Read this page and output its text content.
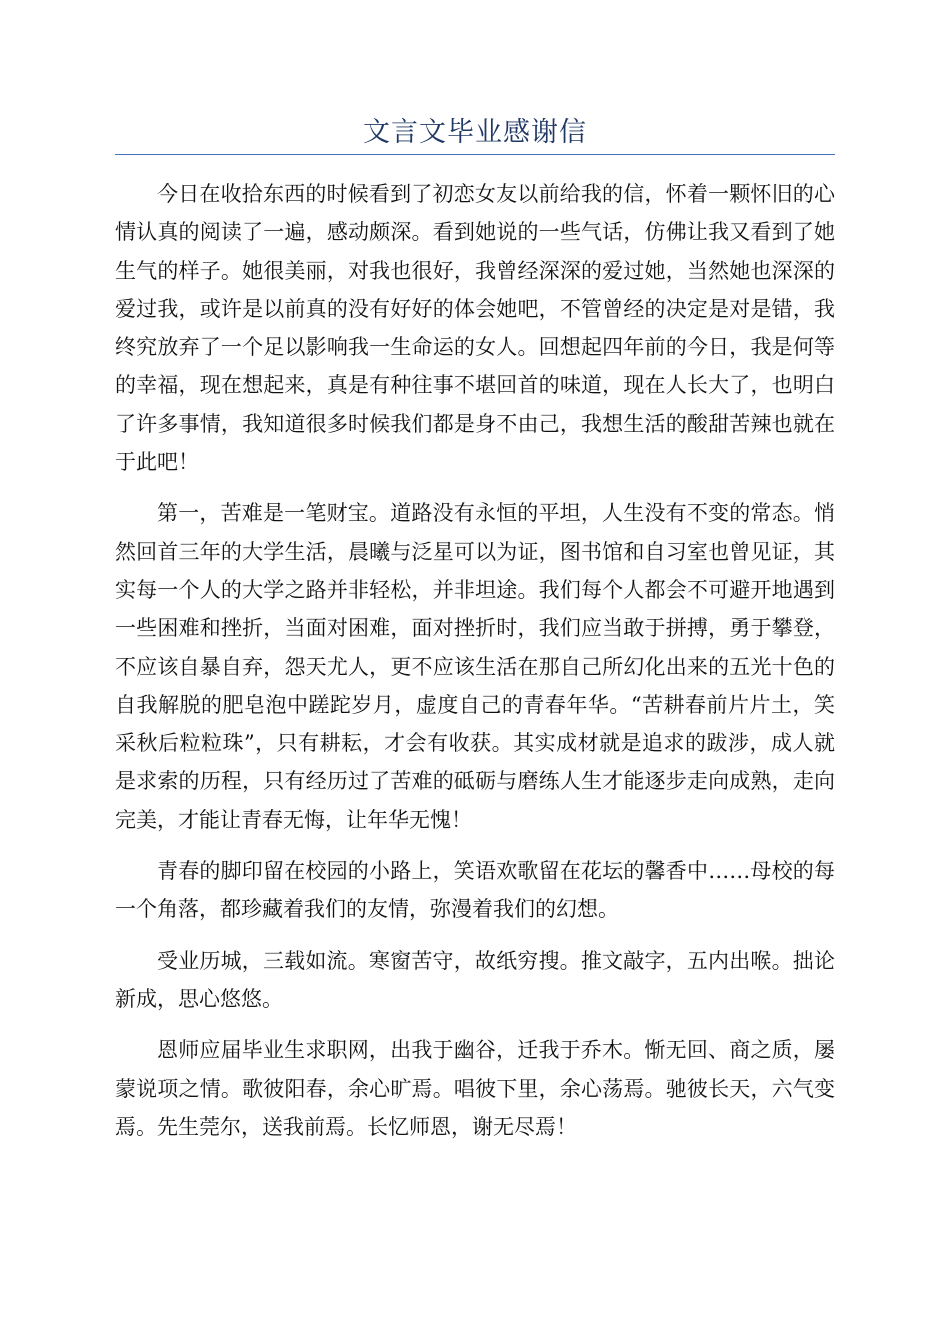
文言文毕业感谢信

今日在收拾东西的时候看到了初恋女友以前给我的信，怀着一颗怀旧的心情认真的阅读了一遍，感动颇深。看到她说的一些气话，仿佛让我又看到了她生气的样子。她很美丽，对我也很好，我曾经深深的爱过她，当然她也深深的爱过我，或许是以前真的没有好好的体会她吧，不管曾经的决定是对是错，我终究放弃了一个足以影响我一生命运的女人。回想起四年前的今日，我是何等的幸福，现在想起来，真是有种往事不堪回首的味道，现在人长大了，也明白了许多事情，我知道很多时候我们都是身不由己，我想生活的酸甜苦辣也就在于此吧！

第一，苦难是一笔财宝。道路没有永恒的平坦，人生没有不变的常态。悄然回首三年的大学生活，晨曦与泛星可以为证，图书馆和自习室也曾见证，其实每一个人的大学之路并非轻松，并非坦途。我们每个人都会不可避开地遇到一些困难和挫折，当面对困难，面对挫折时，我们应当敢于拼搏，勇于攀登，不应该自暴自弃，怨天尤人，更不应该生活在那自己所幻化出来的五光十色的自我解脱的肥皂泡中蹉跎岁月，虚度自己的青春年华。“苦耕春前片片土，笑采秋后粒粒珠”，只有耕耘，才会有收获。其实成材就是追求的跋涉，成人就是求索的历程，只有经历过了苦难的砥砺与磨练人生才能逐步走向成熟，走向完美，才能让青春无悔，让年华无愧！

青春的脚印留在校园的小路上，笑语欢歌留在花坛的馨香中……母校的每一个角落，都珍藏着我们的友情，弥漫着我们的幻想。

受业历城，三载如流。寒窗苦守，故纸穷搜。推文敲字，五内出喉。拙论新成，思心悠悠。

恩师应届毕业生求职网，出我于幽谷，迁我于乔木。惭无回、商之质，屡蒙说项之情。歌彼阳春，余心旷焉。唱彼下里，余心荡焉。驰彼长天，六气变焉。先生莞尔，送我前焉。长忆师恩，谢无尽焉！
